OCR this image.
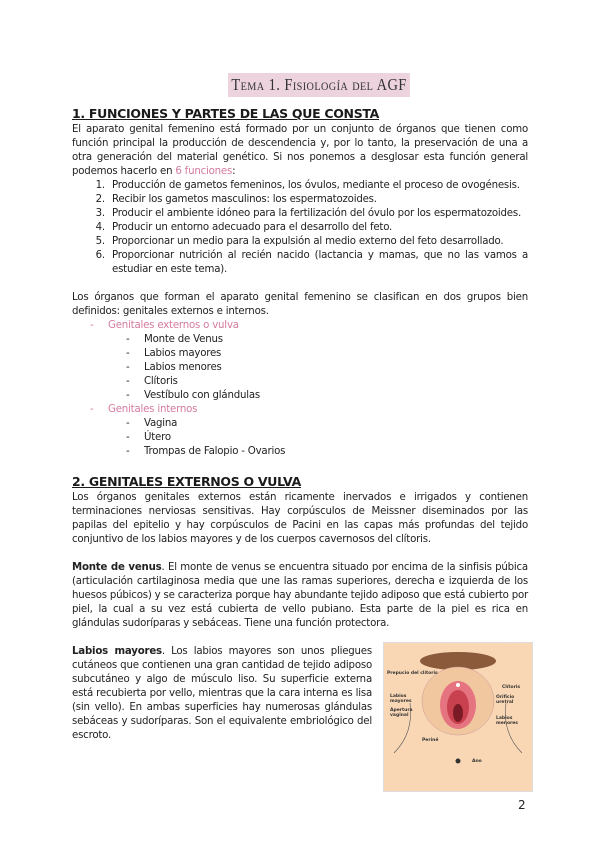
Tema 1. Fisiología del AGF
1. FUNCIONES Y PARTES DE LAS QUE CONSTA
El aparato genital femenino está formado por un conjunto de órganos que tienen como función principal la producción de descendencia y, por lo tanto, la preservación de una a otra generación del material genético. Si nos ponemos a desglosar esta función general podemos hacerlo en 6 funciones:
1. Producción de gametos femeninos, los óvulos, mediante el proceso de ovogénesis.
2. Recibir los gametos masculinos: los espermatozoides.
3. Producir el ambiente idóneo para la fertilización del óvulo por los espermatozoides.
4. Producir un entorno adecuado para el desarrollo del feto.
5. Proporcionar un medio para la expulsión al medio externo del feto desarrollado.
6. Proporcionar nutrición al recién nacido (lactancia y mamas, que no las vamos a estudiar en este tema).
Los órganos que forman el aparato genital femenino se clasifican en dos grupos bien definidos: genitales externos e internos.
- Genitales externos o vulva
- Monte de Venus
- Labios mayores
- Labios menores
- Clítoris
- Vestíbulo con glándulas
- Genitales internos
- Vagina
- Útero
- Trompas de Falopio - Ovarios
2. GENITALES EXTERNOS O VULVA
Los órganos genitales externos están ricamente inervados e irrigados y contienen terminaciones nerviosas sensitivas. Hay corpúsculos de Meissner diseminados por las papilas del epitelio y hay corpúsculos de Pacini en las capas más profundas del tejido conjuntivo de los labios mayores y de los cuerpos cavernosos del clítoris.
Monte de venus. El monte de venus se encuentra situado por encima de la sinfisis púbica (articulación cartilaginosa media que une las ramas superiores, derecha e izquierda de los huesos púbicos) y se caracteriza porque hay abundante tejido adiposo que está cubierto por piel, la cual a su vez está cubierta de vello pubiano. Esta parte de la piel es rica en glándulas sudoríparas y sebáceas. Tiene una función protectora.
Labios mayores. Los labios mayores son unos pliegues cutáneos que contienen una gran cantidad de tejido adiposo subcutáneo y algo de músculo liso. Su superficie externa está recubierta por vello, mientras que la cara interna es lisa (sin vello). En ambas superficies hay numerosas glándulas sebáceas y sudoríparas. Son el equivalente embriológico del escroto.
Prepucio del clítoris
Clítoris
Labios mayores
Orificio uretral
Apertura vaginal
Labios menores
Periné
Ano
2
